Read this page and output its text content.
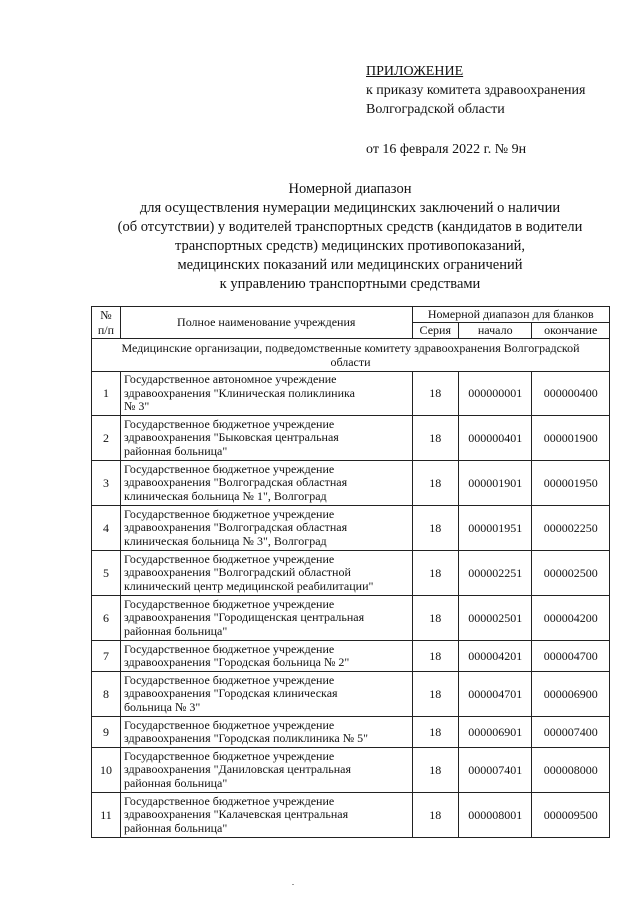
ПРИЛОЖЕНИЕ
к приказу комитета здравоохранения
Волгоградской области
от 16 февраля 2022 г. № 9н
Номерной диапазон
для осуществления нумерации медицинских заключений о наличии
(об отсутствии) у водителей транспортных средств (кандидатов в водители
транспортных средств) медицинских противопоказаний,
медицинских показаний или медицинских ограничений
к управлению транспортными средствами
№
п/п	Полное наименование учреждения	Номерной диапазон для бланков		
		Серия	начало	окончание

Медицинские организации, подведомственные комитету здравоохранения Волгоградской
области				

1	Государственное автономное учреждение
здравоохранения "Клиническая поликлиника
№ 3"	18	000000001	000000400
2	Государственное бюджетное учреждение
здравоохранения "Быковская центральная
районная больница"	18	000000401	000001900
3	Государственное бюджетное учреждение
здравоохранения "Волгоградская областная
клиническая больница № 1", Волгоград	18	000001901	000001950
4	Государственное бюджетное учреждение
здравоохранения "Волгоградская областная
клиническая больница № 3", Волгоград	18	000001951	000002250
5	Государственное бюджетное учреждение
здравоохранения "Волгоградский областной
клинический центр медицинской реабилитации"	18	000002251	000002500
6	Государственное бюджетное учреждение
здравоохранения "Городищенская центральная
районная больница"	18	000002501	000004200
7	Государственное бюджетное учреждение
здравоохранения "Городская больница № 2"	18	000004201	000004700
8	Государственное бюджетное учреждение
здравоохранения "Городская клиническая
больница № 3"	18	000004701	000006900
9	Государственное бюджетное учреждение
здравоохранения "Городская поликлиника № 5"	18	000006901	000007400
10	Государственное бюджетное учреждение
здравоохранения "Даниловская центральная
районная больница"	18	000007401	000008000
11	Государственное бюджетное учреждение
здравоохранения "Калачевская центральная
районная больница"	18	000008001	000009500
